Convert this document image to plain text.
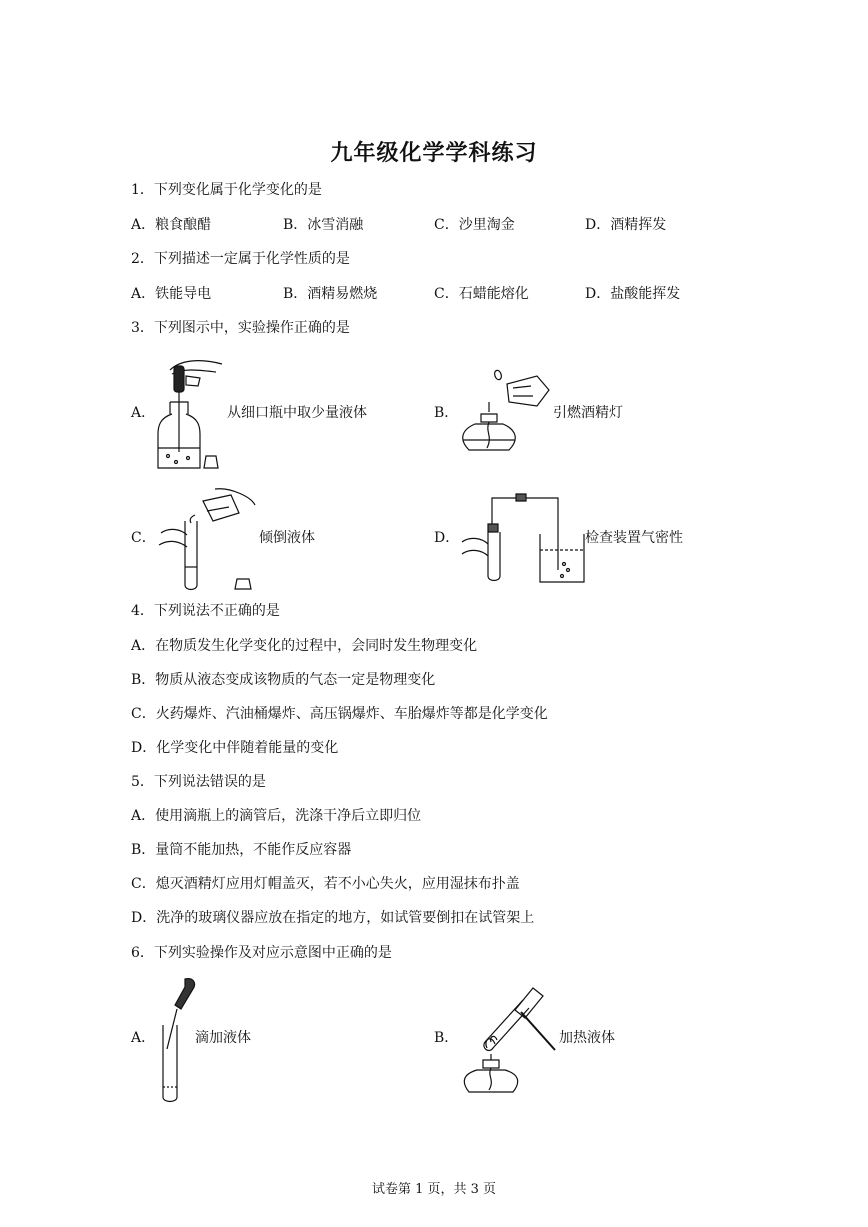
九年级化学学科练习
1．下列变化属于化学变化的是
A．粮食酿醋	B．冰雪消融	C．沙里淘金	D．酒精挥发
2．下列描述一定属于化学性质的是
A．铁能导电	B．酒精易燃烧	C．石蜡能熔化	D．盐酸能挥发
3．下列图示中，实验操作正确的是
A．	从细口瓶中取少量液体	B．	引燃酒精灯
C．	倾倒液体	D．	检查装置气密性
4．下列说法不正确的是
A．在物质发生化学变化的过程中，会同时发生物理变化
B．物质从液态变成该物质的气态一定是物理变化
C．火药爆炸、汽油桶爆炸、高压锅爆炸、车胎爆炸等都是化学变化
D．化学变化中伴随着能量的变化
5．下列说法错误的是
A．使用滴瓶上的滴管后，洗涤干净后立即归位
B．量筒不能加热，不能作反应容器
C．熄灭酒精灯应用灯帽盖灭，若不小心失火，应用湿抹布扑盖
D．洗净的玻璃仪器应放在指定的地方，如试管要倒扣在试管架上
6．下列实验操作及对应示意图中正确的是
A．	滴加液体	B．	加热液体
试卷第 1 页，共 3 页
